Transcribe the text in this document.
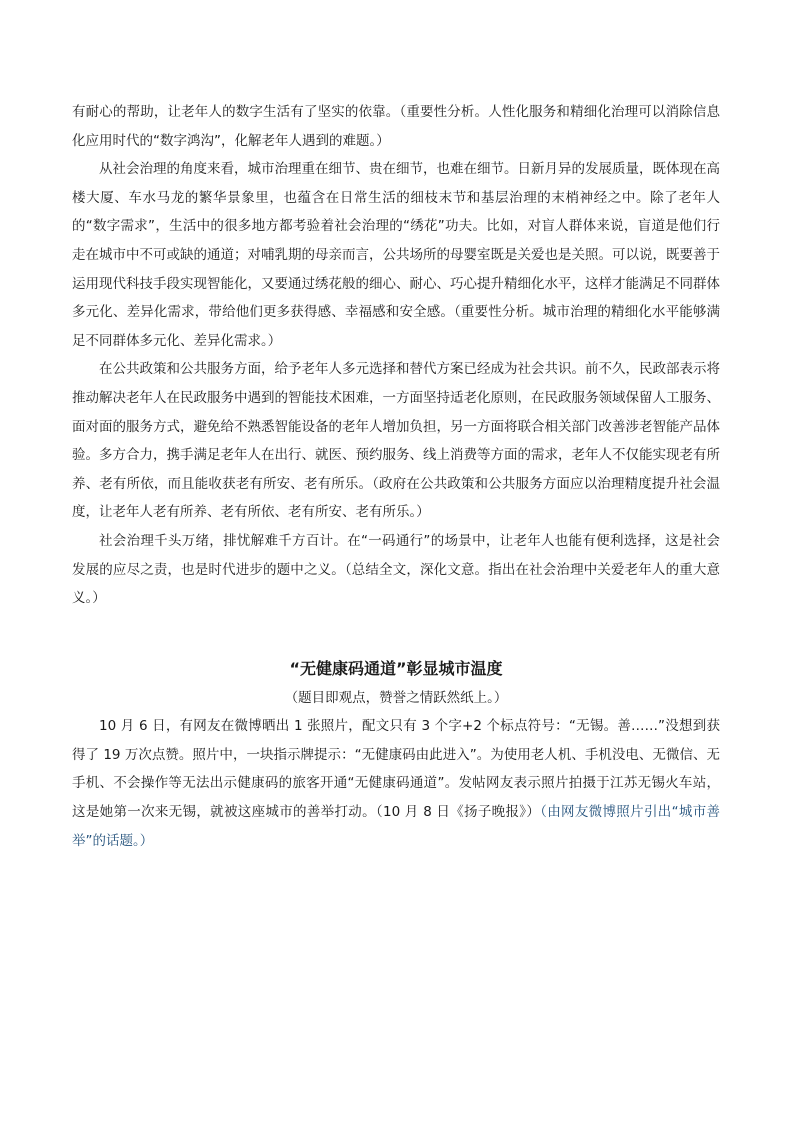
有耐心的帮助，让老年人的数字生活有了坚实的依靠。（重要性分析。人性化服务和精细化治理可以消除信息化应用时代的“数字鸿沟”，化解老年人遇到的难题。）

从社会治理的角度来看，城市治理重在细节、贵在细节，也难在细节。日新月异的发展质量，既体现在高楼大厦、车水马龙的繁华景象里，也蕴含在日常生活的细枝末节和基层治理的末梢神经之中。除了老年人的“数字需求”，生活中的很多地方都考验着社会治理的“绣花”功夫。比如，对盲人群体来说，盲道是他们行走在城市中不可或缺的通道；对哺乳期的母亲而言，公共场所的母婴室既是关爱也是关照。可以说，既要善于运用现代科技手段实现智能化，又要通过绣花般的细心、耐心、巧心提升精细化水平，这样才能满足不同群体多元化、差异化需求，带给他们更多获得感、幸福感和安全感。（重要性分析。城市治理的精细化水平能够满足不同群体多元化、差异化需求。）

在公共政策和公共服务方面，给予老年人多元选择和替代方案已经成为社会共识。前不久，民政部表示将推动解决老年人在民政服务中遇到的智能技术困难，一方面坚持适老化原则，在民政服务领域保留人工服务、面对面的服务方式，避免给不熟悉智能设备的老年人增加负担，另一方面将联合相关部门改善涉老智能产品体验。多方合力，携手满足老年人在出行、就医、预约服务、线上消费等方面的需求，老年人不仅能实现老有所养、老有所依，而且能收获老有所安、老有所乐。（政府在公共政策和公共服务方面应以治理精度提升社会温度，让老年人老有所养、老有所依、老有所安、老有所乐。）

社会治理千头万绪，排忧解难千方百计。在“一码通行”的场景中，让老年人也能有便利选择，这是社会发展的应尽之责，也是时代进步的题中之义。（总结全文，深化文意。指出在社会治理中关爱老年人的重大意义。）

“无健康码通道”彰显城市温度
（题目即观点，赞誉之情跃然纸上。）

10 月 6 日，有网友在微博晒出 1 张照片，配文只有 3 个字+2 个标点符号：“无锡。善……”没想到获得了 19 万次点赞。照片中，一块指示牌提示：“无健康码由此进入”。为使用老人机、手机没电、无微信、无手机、不会操作等无法出示健康码的旅客开通“无健康码通道”。发帖网友表示照片拍摄于江苏无锡火车站，这是她第一次来无锡，就被这座城市的善举打动。（10 月 8 日《扬子晚报》）（由网友微博照片引出“城市善举”的话题。）
